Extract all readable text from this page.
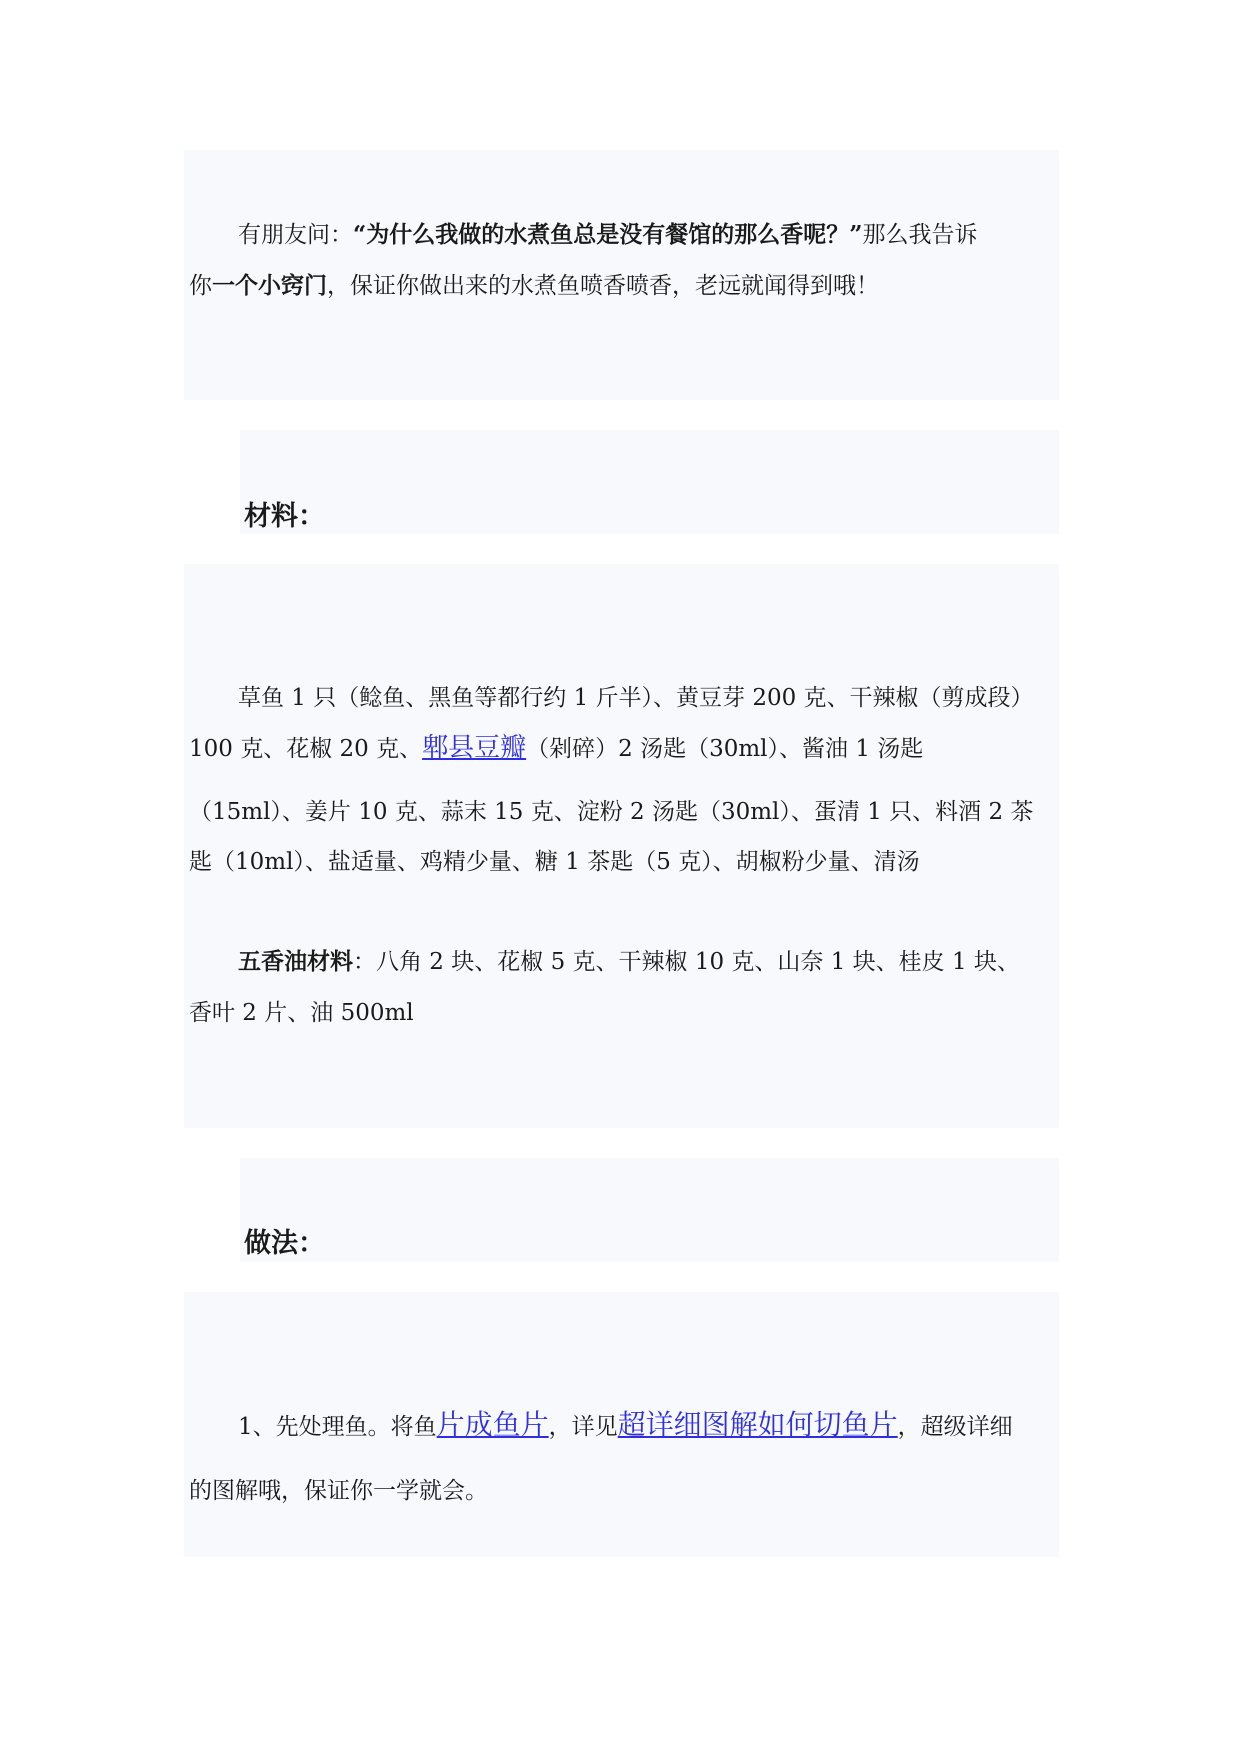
有朋友问：“为什么我做的水煮鱼总是没有餐馆的那么香呢？”那么我告诉
你一个小窍门，保证你做出来的水煮鱼喷香喷香，老远就闻得到哦！
材料：
草鱼 1 只（鲶鱼、黑鱼等都行约 1 斤半）、黄豆芽 200 克、干辣椒（剪成段）
100 克、花椒 20 克、郫县豆瓣（剁碎）2 汤匙（30ml）、酱油 1 汤匙
（15ml）、姜片 10 克、蒜末 15 克、淀粉 2 汤匙（30ml）、蛋清 1 只、料酒 2 茶
匙（10ml）、盐适量、鸡精少量、糖 1 茶匙（5 克）、胡椒粉少量、清汤
五香油材料：八角 2 块、花椒 5 克、干辣椒 10 克、山奈 1 块、桂皮 1 块、
香叶 2 片、油 500ml
做法：
1、先处理鱼。将鱼片成鱼片，详见超详细图解如何切鱼片，超级详细
的图解哦，保证你一学就会。
